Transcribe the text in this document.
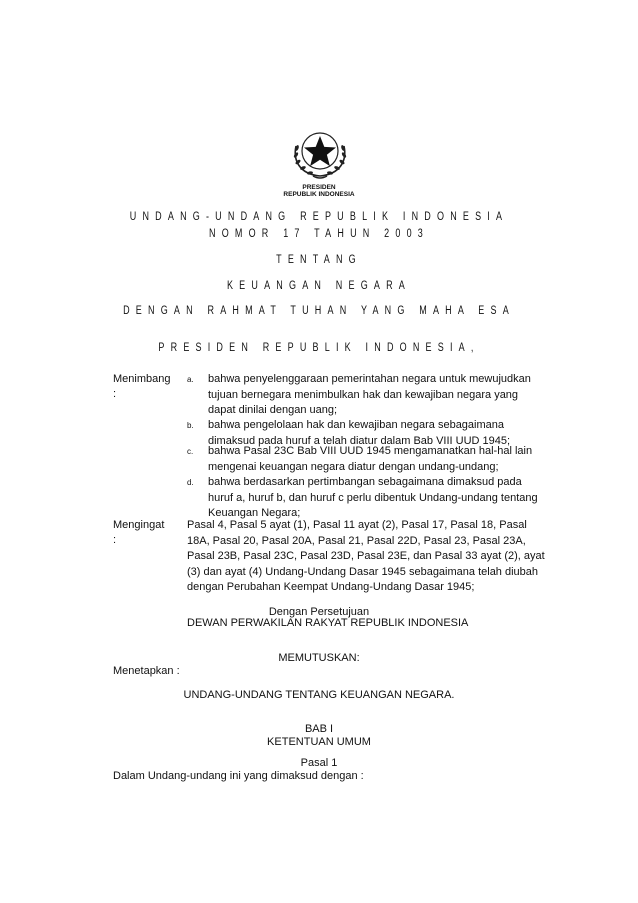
PRESIDEN
REPUBLIK INDONESIA
UNDANG-UNDANG REPUBLIK INDONESIA
NOMOR 17 TAHUN 2003
TENTANG
KEUANGAN NEGARA
DENGAN RAHMAT TUHAN YANG MAHA ESA
PRESIDEN REPUBLIK INDONESIA,
Menimbang
:
a. bahwa penyelenggaraan pemerintahan negara untuk mewujudkan tujuan bernegara menimbulkan hak dan kewajiban negara yang dapat dinilai dengan uang;
b. bahwa pengelolaan hak dan kewajiban negara sebagaimana dimaksud pada huruf a telah diatur dalam Bab VIII UUD 1945;
c. bahwa Pasal 23C Bab VIII UUD 1945 mengamanatkan hal-hal lain mengenai keuangan negara diatur dengan undang-undang;
d. bahwa berdasarkan pertimbangan sebagaimana dimaksud pada huruf a, huruf b, dan huruf c perlu dibentuk Undang-undang tentang Keuangan Negara;
Mengingat
:
Pasal 4, Pasal 5 ayat (1), Pasal 11 ayat (2), Pasal 17, Pasal 18, Pasal 18A, Pasal 20, Pasal 20A, Pasal 21, Pasal 22D, Pasal 23, Pasal 23A, Pasal 23B, Pasal 23C, Pasal 23D, Pasal 23E, dan Pasal 33 ayat (2), ayat (3) dan ayat (4) Undang-Undang Dasar 1945 sebagaimana telah diubah dengan Perubahan Keempat Undang-Undang Dasar 1945;
Dengan Persetujuan
DEWAN PERWAKILAN RAKYAT REPUBLIK INDONESIA
MEMUTUSKAN:
Menetapkan :
UNDANG-UNDANG TENTANG KEUANGAN NEGARA.
BAB I
KETENTUAN UMUM
Pasal 1
Dalam Undang-undang ini yang dimaksud dengan :
